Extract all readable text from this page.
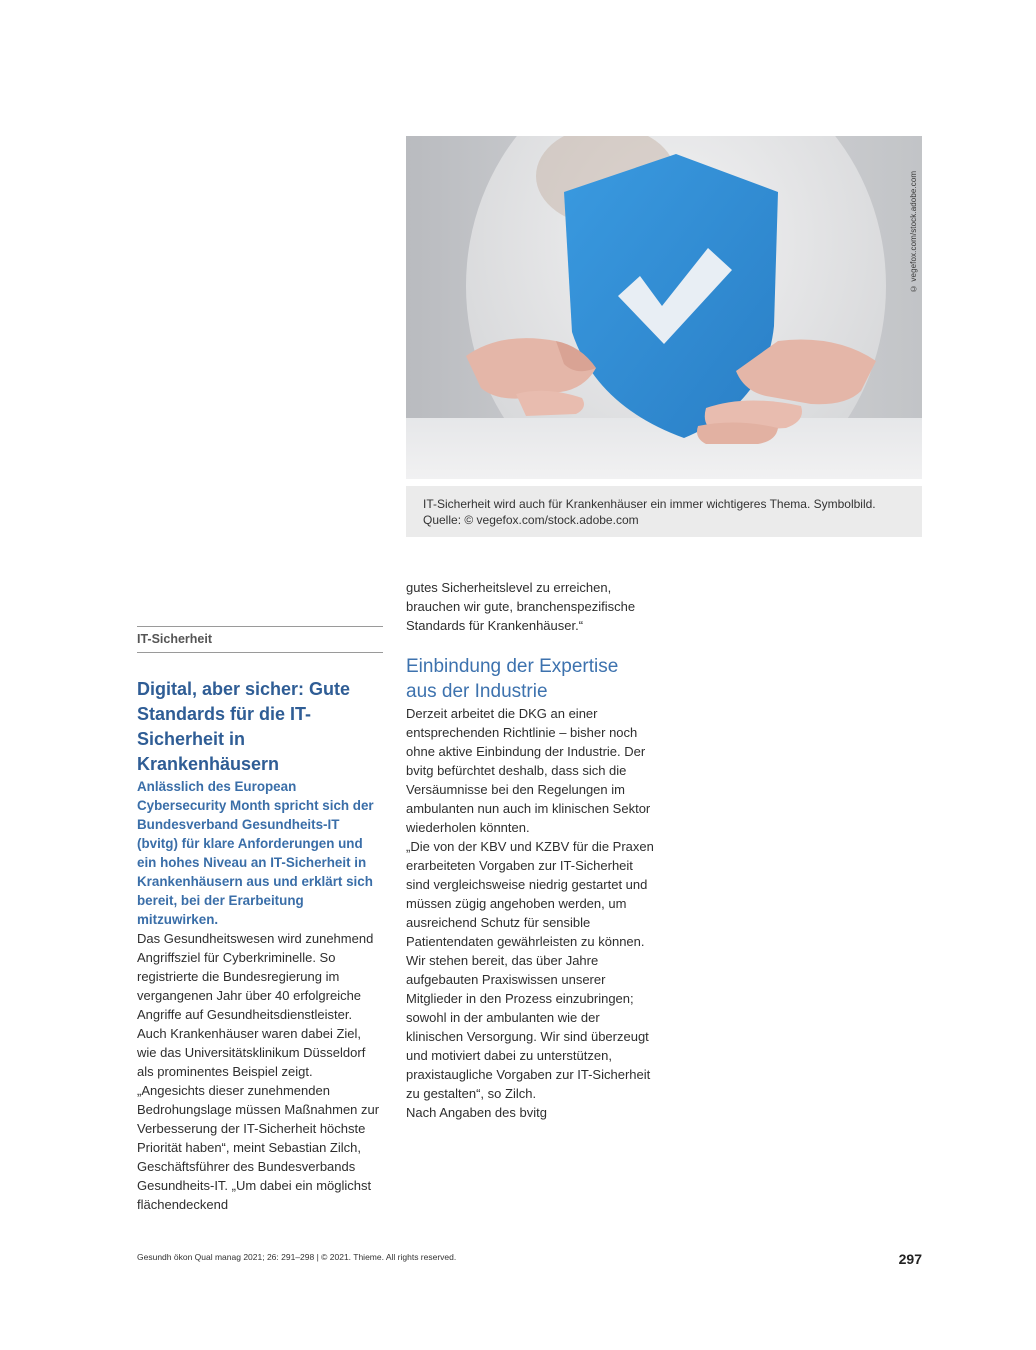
© vegefox.com/stock.adobe.com
IT-Sicherheit wird auch für Krankenhäuser ein immer wichtigeres Thema. Symbolbild. Quelle: © vegefox.com/stock.adobe.com
IT-Sicherheit
Digital, aber sicher: Gute Standards für die IT-Sicherheit in Krankenhäusern

Anlässlich des European Cybersecurity Month spricht sich der Bundesverband Gesundheits-IT (bvitg) für klare Anforderungen und ein hohes Niveau an IT-Sicherheit in Krankenhäusern aus und erklärt sich bereit, bei der Erarbeitung mitzuwirken.

Das Gesundheitswesen wird zunehmend Angriffsziel für Cyberkriminelle. So registrierte die Bundesregierung im vergangenen Jahr über 40 erfolgreiche Angriffe auf Gesundheitsdienstleister. Auch Krankenhäuser waren dabei Ziel, wie das Universitätsklinikum Düsseldorf als prominentes Beispiel zeigt.

„Angesichts dieser zunehmenden Bedrohungslage müssen Maßnahmen zur Verbesserung der IT-Sicherheit höchste Priorität haben“, meint Sebastian Zilch, Geschäftsführer des Bundesverbands Gesundheits-IT. „Um dabei ein möglichst flächendeckend

gutes Sicherheitslevel zu erreichen, brauchen wir gute, branchenspezifische Standards für Krankenhäuser.“

Einbindung der Expertise aus der Industrie

Derzeit arbeitet die DKG an einer entsprechenden Richtlinie – bisher noch ohne aktive Einbindung der Industrie. Der bvitg befürchtet deshalb, dass sich die Versäumnisse bei den Regelungen im ambulanten nun auch im klinischen Sektor wiederholen könnten.

„Die von der KBV und KZBV für die Praxen erarbeiteten Vorgaben zur IT-Sicherheit sind vergleichsweise niedrig gestartet und müssen zügig angehoben werden, um ausreichend Schutz für sensible Patientendaten gewährleisten zu können. Wir stehen bereit, das über Jahre aufgebauten Praxiswissen unserer Mitglieder in den Prozess einzubringen; sowohl in der ambulanten wie der klinischen Versorgung. Wir sind überzeugt und motiviert dabei zu unterstützen, praxistaugliche Vorgaben zur IT-Sicherheit zu gestalten“, so Zilch.

Nach Angaben des bvitg

Gesundh ökon Qual manag 2021; 26: 291–298 | © 2021. Thieme. All rights reserved.	297
